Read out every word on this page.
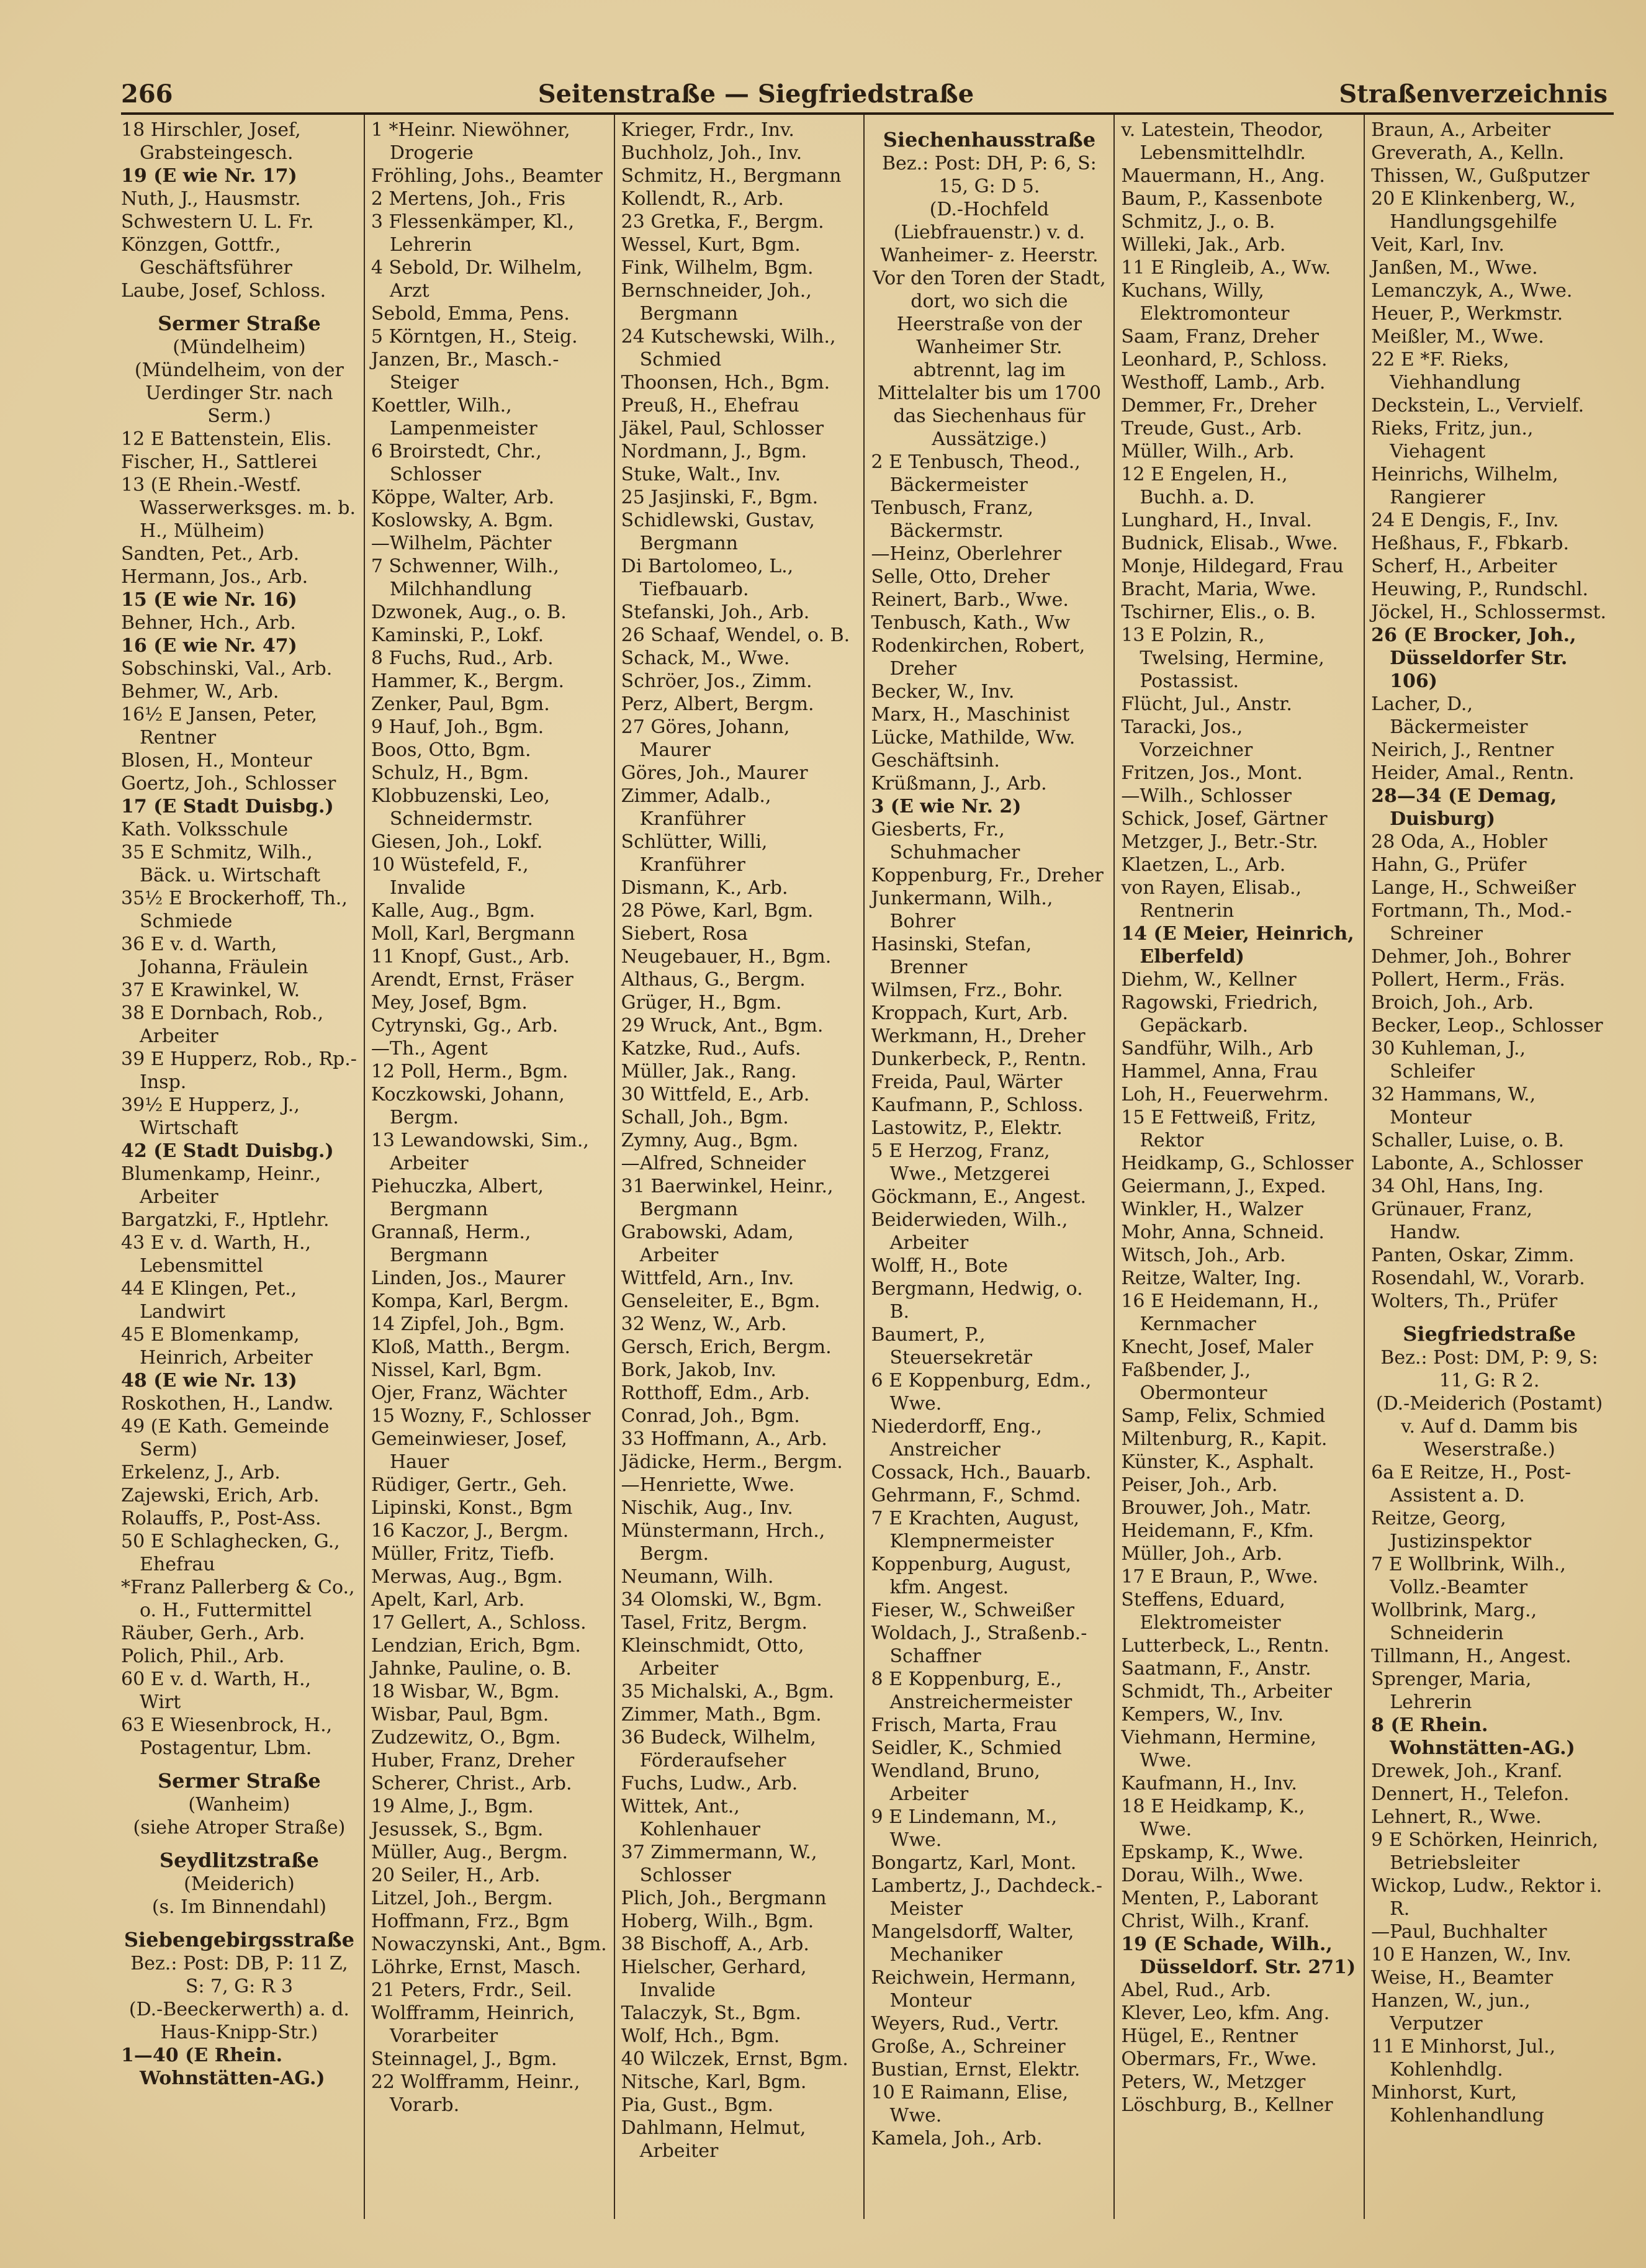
266	Seitenstraße — Siegfriedstraße	Straßenverzeichnis
18 Hirschler, Josef, Grabsteingesch.
19 (E wie Nr. 17)
Nuth, J., Hausmstr.
Schwestern U. L. Fr.
Könzgen, Gottfr., Geschäftsführer
Laube, Josef, Schloss.
Sermer Straße
(Mündelheim)
(Mündelheim, von der Uerdinger Str. nach Serm.)
12 E Battenstein, Elis.
Fischer, H., Sattlerei
13 (E Rhein.-Westf. Wasserwerksges. m. b. H., Mülheim)
Sandten, Pet., Arb.
Hermann, Jos., Arb.
15 (E wie Nr. 16)
Behner, Hch., Arb.
16 (E wie Nr. 47)
Sobschinski, Val., Arb.
Behmer, W., Arb.
16½ E Jansen, Peter, Rentner
Blosen, H., Monteur
Goertz, Joh., Schlosser
17 (E Stadt Duisbg.)
Kath. Volksschule
35 E Schmitz, Wilh., Bäck. u. Wirtschaft
35½ E Brockerhoff, Th., Schmiede
36 E v. d. Warth, Johanna, Fräulein
37 E Krawinkel, W.
38 E Dornbach, Rob., Arbeiter
39 E Hupperz, Rob., Rp.-Insp.
39½ E Hupperz, J., Wirtschaft
42 (E Stadt Duisbg.)
Blumenkamp, Heinr., Arbeiter
Bargatzki, F., Hptlehr.
43 E v. d. Warth, H., Lebensmittel
44 E Klingen, Pet., Landwirt
45 E Blomenkamp, Heinrich, Arbeiter
48 (E wie Nr. 13)
Roskothen, H., Landw.
49 (E Kath. Gemeinde Serm)
Erkelenz, J., Arb.
Zajewski, Erich, Arb.
Rolauffs, P., Post-Ass.
50 E Schlaghecken, G., Ehefrau
*Franz Pallerberg & Co., o. H., Futtermittel
Räuber, Gerh., Arb.
Polich, Phil., Arb.
60 E v. d. Warth, H., Wirt
63 E Wiesenbrock, H., Postagentur, Lbm.
Sermer Straße
(Wanheim)
(siehe Atroper Straße)
Seydlitzstraße
(Meiderich)
(s. Im Binnendahl)
Siebengebirgsstraße
Bez.: Post: DB, P: 11 Z, S: 7, G: R 3
(D.-Beeckerwerth) a. d. Haus-Knipp-Str.)
1—40 (E Rhein. Wohnstätten-AG.)
1 *Heinr. Niewöhner, Drogerie
Fröhling, Johs., Beamter
2 Mertens, Joh., Fris
3 Flessenkämper, Kl., Lehrerin
4 Sebold, Dr. Wilhelm, Arzt
Sebold, Emma, Pens.
5 Körntgen, H., Steig.
Janzen, Br., Masch.-Steiger
Koettler, Wilh., Lampenmeister
6 Broirstedt, Chr., Schlosser
Köppe, Walter, Arb.
Koslowsky, A. Bgm.
—Wilhelm, Pächter
7 Schwenner, Wilh., Milchhandlung
Dzwonek, Aug., o. B.
Kaminski, P., Lokf.
8 Fuchs, Rud., Arb.
Hammer, K., Bergm.
Zenker, Paul, Bgm.
9 Hauf, Joh., Bgm.
Boos, Otto, Bgm.
Schulz, H., Bgm.
Klobbuzenski, Leo, Schneidermstr.
Giesen, Joh., Lokf.
10 Wüstefeld, F., Invalide
Kalle, Aug., Bgm.
Moll, Karl, Bergmann
11 Knopf, Gust., Arb.
Arendt, Ernst, Fräser
Mey, Josef, Bgm.
Cytrynski, Gg., Arb.
—Th., Agent
12 Poll, Herm., Bgm.
Koczkowski, Johann, Bergm.
13 Lewandowski, Sim., Arbeiter
Piehuczka, Albert, Bergmann
Grannaß, Herm., Bergmann
Linden, Jos., Maurer
Kompa, Karl, Bergm.
14 Zipfel, Joh., Bgm.
Kloß, Matth., Bergm.
Nissel, Karl, Bgm.
Ojer, Franz, Wächter
15 Wozny, F., Schlosser
Gemeinwieser, Josef, Hauer
Rüdiger, Gertr., Geh.
Lipinski, Konst., Bgm
16 Kaczor, J., Bergm.
Müller, Fritz, Tiefb.
Merwas, Aug., Bgm.
Apelt, Karl, Arb.
17 Gellert, A., Schloss.
Lendzian, Erich, Bgm.
Jahnke, Pauline, o. B.
18 Wisbar, W., Bgm.
Wisbar, Paul, Bgm.
Zudzewitz, O., Bgm.
Huber, Franz, Dreher
Scherer, Christ., Arb.
19 Alme, J., Bgm.
Jesussek, S., Bgm.
Müller, Aug., Bergm.
20 Seiler, H., Arb.
Litzel, Joh., Bergm.
Hoffmann, Frz., Bgm
Nowaczynski, Ant., Bgm.
Löhrke, Ernst, Masch.
21 Peters, Frdr., Seil.
Wolfframm, Heinrich, Vorarbeiter
Steinnagel, J., Bgm.
22 Wolfframm, Heinr., Vorarb.
Krieger, Frdr., Inv.
Buchholz, Joh., Inv.
Schmitz, H., Bergmann
Kollendt, R., Arb.
23 Gretka, F., Bergm.
Wessel, Kurt, Bgm.
Fink, Wilhelm, Bgm.
Bernschneider, Joh., Bergmann
24 Kutschewski, Wilh., Schmied
Thoonsen, Hch., Bgm.
Preuß, H., Ehefrau
Jäkel, Paul, Schlosser
Nordmann, J., Bgm.
Stuke, Walt., Inv.
25 Jasjinski, F., Bgm.
Schidlewski, Gustav, Bergmann
Di Bartolomeo, L., Tiefbauarb.
Stefanski, Joh., Arb.
26 Schaaf, Wendel, o. B.
Schack, M., Wwe.
Schröer, Jos., Zimm.
Perz, Albert, Bergm.
27 Göres, Johann, Maurer
Göres, Joh., Maurer
Zimmer, Adalb., Kranführer
Schlütter, Willi, Kranführer
Dismann, K., Arb.
28 Pöwe, Karl, Bgm.
Siebert, Rosa
Neugebauer, H., Bgm.
Althaus, G., Bergm.
Grüger, H., Bgm.
29 Wruck, Ant., Bgm.
Katzke, Rud., Aufs.
Müller, Jak., Rang.
30 Wittfeld, E., Arb.
Schall, Joh., Bgm.
Zymny, Aug., Bgm.
—Alfred, Schneider
31 Baerwinkel, Heinr., Bergmann
Grabowski, Adam, Arbeiter
Wittfeld, Arn., Inv.
Genseleiter, E., Bgm.
32 Wenz, W., Arb.
Gersch, Erich, Bergm.
Bork, Jakob, Inv.
Rotthoff, Edm., Arb.
Conrad, Joh., Bgm.
33 Hoffmann, A., Arb.
Jädicke, Herm., Bergm.
—Henriette, Wwe.
Nischik, Aug., Inv.
Münstermann, Hrch., Bergm.
Neumann, Wilh.
34 Olomski, W., Bgm.
Tasel, Fritz, Bergm.
Kleinschmidt, Otto, Arbeiter
35 Michalski, A., Bgm.
Zimmer, Math., Bgm.
36 Budeck, Wilhelm, Förderaufseher
Fuchs, Ludw., Arb.
Wittek, Ant., Kohlenhauer
37 Zimmermann, W., Schlosser
Plich, Joh., Bergmann
Hoberg, Wilh., Bgm.
38 Bischoff, A., Arb.
Hielscher, Gerhard, Invalide
Talaczyk, St., Bgm.
Wolf, Hch., Bgm.
40 Wilczek, Ernst, Bgm.
Nitsche, Karl, Bgm.
Pia, Gust., Bgm.
Dahlmann, Helmut, Arbeiter
Siechenhausstraße
Bez.: Post: DH, P: 6, S: 15, G: D 5.
(D.-Hochfeld (Liebfrauenstr.) v. d. Wanheimer- z. Heerstr. Vor den Toren der Stadt, dort, wo sich die Heerstraße von der Wanheimer Str. abtrennt, lag im Mittelalter bis um 1700 das Siechenhaus für Aussätzige.)
2 E Tenbusch, Theod., Bäckermeister
Tenbusch, Franz, Bäckermstr.
—Heinz, Oberlehrer
Selle, Otto, Dreher
Reinert, Barb., Wwe.
Tenbusch, Kath., Ww
Rodenkirchen, Robert, Dreher
Becker, W., Inv.
Marx, H., Maschinist
Lücke, Mathilde, Ww.
Geschäftsinh.
Krüßmann, J., Arb.
3 (E wie Nr. 2)
Giesberts, Fr., Schuhmacher
Koppenburg, Fr., Dreher
Junkermann, Wilh., Bohrer
Hasinski, Stefan, Brenner
Wilmsen, Frz., Bohr.
Kroppach, Kurt, Arb.
Werkmann, H., Dreher
Dunkerbeck, P., Rentn.
Freida, Paul, Wärter
Kaufmann, P., Schloss.
Lastowitz, P., Elektr.
5 E Herzog, Franz, Wwe., Metzgerei
Göckmann, E., Angest.
Beiderwieden, Wilh., Arbeiter
Wolff, H., Bote
Bergmann, Hedwig, o. B.
Baumert, P., Steuersekretär
6 E Koppenburg, Edm., Wwe.
Niederdorff, Eng., Anstreicher
Cossack, Hch., Bauarb.
Gehrmann, F., Schmd.
7 E Krachten, August, Klempnermeister
Koppenburg, August, kfm. Angest.
Fieser, W., Schweißer
Woldach, J., Straßenb.-Schaffner
8 E Koppenburg, E., Anstreichermeister
Frisch, Marta, Frau
Seidler, K., Schmied
Wendland, Bruno, Arbeiter
9 E Lindemann, M., Wwe.
Bongartz, Karl, Mont.
Lambertz, J., Dachdeck.-Meister
Mangelsdorff, Walter, Mechaniker
Reichwein, Hermann, Monteur
Weyers, Rud., Vertr.
Große, A., Schreiner
Bustian, Ernst, Elektr.
10 E Raimann, Elise, Wwe.
Kamela, Joh., Arb.
v. Latestein, Theodor, Lebensmittelhdlr.
Mauermann, H., Ang.
Baum, P., Kassenbote
Schmitz, J., o. B.
Willeki, Jak., Arb.
11 E Ringleib, A., Ww.
Kuchans, Willy, Elektromonteur
Saam, Franz, Dreher
Leonhard, P., Schloss.
Westhoff, Lamb., Arb.
Demmer, Fr., Dreher
Treude, Gust., Arb.
Müller, Wilh., Arb.
12 E Engelen, H., Buchh. a. D.
Lunghard, H., Inval.
Budnick, Elisab., Wwe.
Monje, Hildegard, Frau
Bracht, Maria, Wwe.
Tschirner, Elis., o. B.
13 E Polzin, R., Twelsing, Hermine, Postassist.
Flücht, Jul., Anstr.
Taracki, Jos., Vorzeichner
Fritzen, Jos., Mont.
—Wilh., Schlosser
Schick, Josef, Gärtner
Metzger, J., Betr.-Str.
Klaetzen, L., Arb.
von Rayen, Elisab., Rentnerin
14 (E Meier, Heinrich, Elberfeld)
Diehm, W., Kellner
Ragowski, Friedrich, Gepäckarb.
Sandführ, Wilh., Arb
Hammel, Anna, Frau
Loh, H., Feuerwehrm.
15 E Fettweiß, Fritz, Rektor
Heidkamp, G., Schlosser
Geiermann, J., Exped.
Winkler, H., Walzer
Mohr, Anna, Schneid.
Witsch, Joh., Arb.
Reitze, Walter, Ing.
16 E Heidemann, H., Kernmacher
Knecht, Josef, Maler
Faßbender, J., Obermonteur
Samp, Felix, Schmied
Miltenburg, R., Kapit.
Künster, K., Asphalt.
Peiser, Joh., Arb.
Brouwer, Joh., Matr.
Heidemann, F., Kfm.
Müller, Joh., Arb.
17 E Braun, P., Wwe.
Steffens, Eduard, Elektromeister
Lutterbeck, L., Rentn.
Saatmann, F., Anstr.
Schmidt, Th., Arbeiter
Kempers, W., Inv.
Viehmann, Hermine, Wwe.
Kaufmann, H., Inv.
18 E Heidkamp, K., Wwe.
Epskamp, K., Wwe.
Dorau, Wilh., Wwe.
Menten, P., Laborant
Christ, Wilh., Kranf.
19 (E Schade, Wilh., Düsseldorf. Str. 271)
Abel, Rud., Arb.
Klever, Leo, kfm. Ang.
Hügel, E., Rentner
Obermars, Fr., Wwe.
Peters, W., Metzger
Löschburg, B., Kellner
Braun, A., Arbeiter
Greverath, A., Kelln.
Thissen, W., Gußputzer
20 E Klinkenberg, W., Handlungsgehilfe
Veit, Karl, Inv.
Janßen, M., Wwe.
Lemanczyk, A., Wwe.
Heuer, P., Werkmstr.
Meißler, M., Wwe.
22 E *F. Rieks, Viehhandlung
Deckstein, L., Vervielf.
Rieks, Fritz, jun., Viehagent
Heinrichs, Wilhelm, Rangierer
24 E Dengis, F., Inv.
Heßhaus, F., Fbkarb.
Scherf, H., Arbeiter
Heuwing, P., Rundschl.
Jöckel, H., Schlossermst.
26 (E Brocker, Joh., Düsseldorfer Str. 106)
Lacher, D., Bäckermeister
Neirich, J., Rentner
Heider, Amal., Rentn.
28—34 (E Demag, Duisburg)
28 Oda, A., Hobler
Hahn, G., Prüfer
Lange, H., Schweißer
Fortmann, Th., Mod.-Schreiner
Dehmer, Joh., Bohrer
Pollert, Herm., Fräs.
Broich, Joh., Arb.
Becker, Leop., Schlosser
30 Kuhleman, J., Schleifer
32 Hammans, W., Monteur
Schaller, Luise, o. B.
Labonte, A., Schlosser
34 Ohl, Hans, Ing.
Grünauer, Franz, Handw.
Panten, Oskar, Zimm.
Rosendahl, W., Vorarb.
Wolters, Th., Prüfer
Siegfriedstraße
Bez.: Post: DM, P: 9, S: 11, G: R 2.
(D.-Meiderich (Postamt) v. Auf d. Damm bis Weserstraße.)
6a E Reitze, H., Post-Assistent a. D.
Reitze, Georg, Justizinspektor
7 E Wollbrink, Wilh., Vollz.-Beamter
Wollbrink, Marg., Schneiderin
Tillmann, H., Angest.
Sprenger, Maria, Lehrerin
8 (E Rhein. Wohnstätten-AG.)
Drewek, Joh., Kranf.
Dennert, H., Telefon.
Lehnert, R., Wwe.
9 E Schörken, Heinrich, Betriebsleiter
Wickop, Ludw., Rektor i. R.
—Paul, Buchhalter
10 E Hanzen, W., Inv.
Weise, H., Beamter
Hanzen, W., jun., Verputzer
11 E Minhorst, Jul., Kohlenhdlg.
Minhorst, Kurt, Kohlenhandlung
